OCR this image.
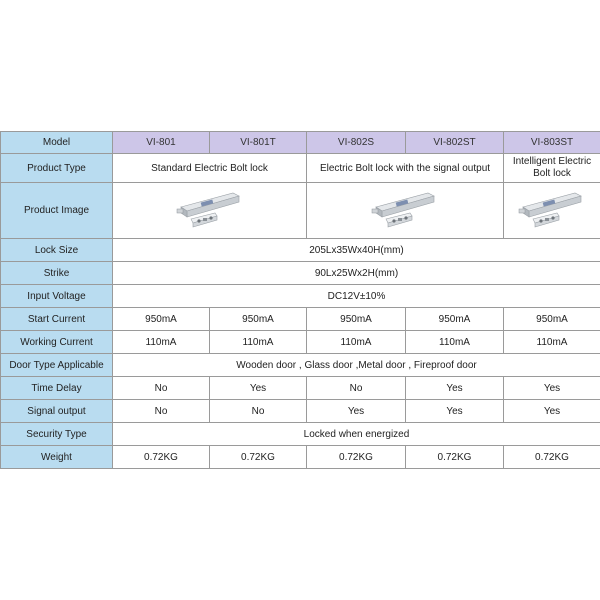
Model	VI-801	VI-801T	VI-802S	VI-802ST	VI-803ST
Product Type	Standard Electric Bolt lock		Electric Bolt lock with the signal output		Intelligent Electric Bolt lock
Product Image	

Lock Size	205Lx35Wx40H(mm)				
Strike	90Lx25Wx2H(mm)				
Input Voltage	DC12V±10%				
Start Current	950mA	950mA	950mA	950mA	950mA
Working Current	110mA	110mA	110mA	110mA	110mA
Door Type Applicable	Wooden door , Glass door ,Metal door , Fireproof door				
Time Delay	No	Yes	No	Yes	Yes
Signal output	No	No	Yes	Yes	Yes
Security Type	Locked when energized				
Weight	0.72KG	0.72KG	0.72KG	0.72KG	0.72KG
